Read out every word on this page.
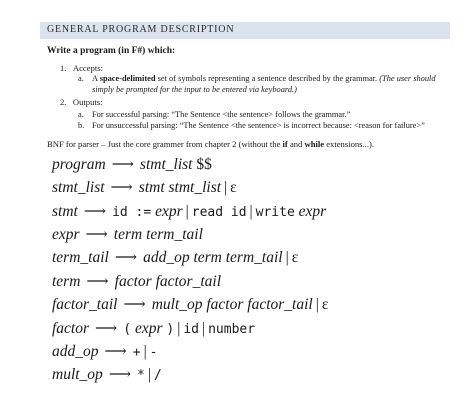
GENERAL PROGRAM DESCRIPTION
Write a program (in F#) which:
1. Accepts:
a. A space-delimited set of symbols representing a sentence described by the grammar. (The user should simply be prompted for the input to be entered via keyboard.)
2. Outputs:
a. For successful parsing: “The Sentence <the sentence> follows the grammar.”
b. For unsuccessful parsing: “The Sentence <the sentence> is incorrect because: <reason for failure>”
BNF for parser – Just the core grammer from chapter 2 (without the if and while extensions...).
program ⟶ stmt_list $$
stmt_list ⟶ stmt stmt_list | ε
stmt ⟶ id := expr | read id | write expr
expr ⟶ term term_tail
term_tail ⟶ add_op term term_tail | ε
term ⟶ factor factor_tail
factor_tail ⟶ mult_op factor factor_tail | ε
factor ⟶ ( expr ) | id | number
add_op ⟶ + | -
mult_op ⟶ * | /
